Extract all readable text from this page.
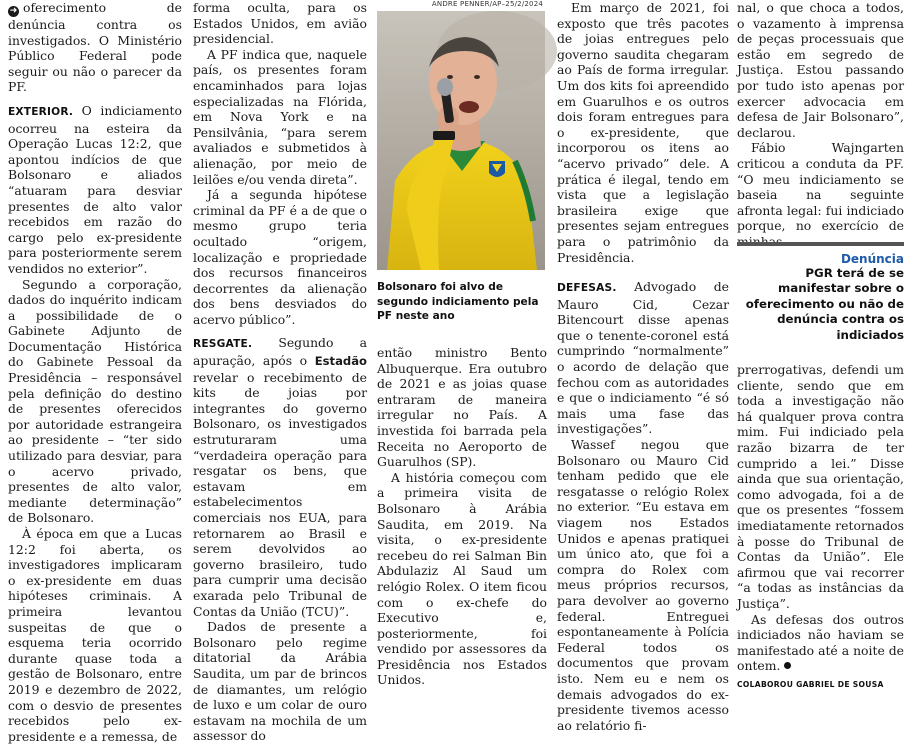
➜ oferecimento de denúncia contra os investigados. O Ministério Público Federal pode seguir ou não o parecer da PF.

EXTERIOR. O indiciamento ocorreu na esteira da Operação Lucas 12:2, que apontou indícios de que Bolsonaro e aliados “atuaram para desviar presentes de alto valor recebidos em razão do cargo pelo ex-presidente para posteriormente serem vendidos no exterior”.

Segundo a corporação, dados do inquérito indicam a possibilidade de o Gabinete Adjunto de Documentação Histórica do Gabinete Pessoal da Presidência – responsável pela definição do destino de presentes oferecidos por autoridade estrangeira ao presidente – “ter sido utilizado para desviar, para o acervo privado, presentes de alto valor, mediante determinação” de Bolsonaro.

À época em que a Lucas 12:2 foi aberta, os investigadores implicaram o ex-presidente em duas hipóteses criminais. A primeira levantou suspeitas de que o esquema teria ocorrido durante quase toda a gestão de Bolsonaro, entre 2019 e dezembro de 2022, com o desvio de presentes recebidos pelo ex-presidente e a remessa, de

forma oculta, para os Estados Unidos, em avião presidencial.

A PF indica que, naquele país, os presentes foram encaminhados para lojas especializadas na Flórida, em Nova York e na Pensilvânia, “para serem avaliados e submetidos à alienação, por meio de leilões e/ou venda direta”.

Já a segunda hipótese criminal da PF é a de que o mesmo grupo teria ocultado “origem, localização e propriedade dos recursos financeiros decorrentes da alienação dos bens desviados do acervo público”.

RESGATE. Segundo a apuração, após o Estadão revelar o recebimento de kits de joias por integrantes do governo Bolsonaro, os investigados estruturaram uma “verdadeira operação para resgatar os bens, que estavam em estabelecimentos comerciais nos EUA, para retornarem ao Brasil e serem devolvidos ao governo brasileiro, tudo para cumprir uma decisão exarada pelo Tribunal de Contas da União (TCU)”.

Dados de presente a Bolsonaro pelo regime ditatorial da Arábia Saudita, um par de brincos de diamantes, um relógio de luxo e um colar de ouro estavam na mochila de um assessor do

ANDRE PENNER/AP–25/2/2024
Bolsonaro foi alvo de segundo indiciamento pela PF neste ano

então ministro Bento Albuquerque. Era outubro de 2021 e as joias quase entraram de maneira irregular no País. A investida foi barrada pela Receita no Aeroporto de Guarulhos (SP).

A história começou com a primeira visita de Bolsonaro à Arábia Saudita, em 2019. Na visita, o ex-presidente recebeu do rei Salman Bin Abdulaziz Al Saud um relógio Rolex. O item ficou com o ex-chefe do Executivo e, posteriormente, foi vendido por assessores da Presidência nos Estados Unidos.

Em março de 2021, foi exposto que três pacotes de joias entregues pelo governo saudita chegaram ao País de forma irregular. Um dos kits foi apreendido em Guarulhos e os outros dois foram entregues para o ex-presidente, que incorporou os itens ao “acervo privado” dele. A prática é ilegal, tendo em vista que a legislação brasileira exige que presentes sejam entregues para o patrimônio da Presidência.

DEFESAS. Advogado de Mauro Cid, Cezar Bitencourt disse apenas que o tenente-coronel está cumprindo “normalmente” o acordo de delação que fechou com as autoridades e que o indiciamento “é só mais uma fase das investigações”.

Wassef negou que Bolsonaro ou Mauro Cid tenham pedido que ele resgatasse o relógio Rolex no exterior. “Eu estava em viagem nos Estados Unidos e apenas pratiquei um único ato, que foi a compra do Rolex com meus próprios recursos, para devolver ao governo federal. Entreguei espontaneamente à Polícia Federal todos os documentos que provam isto. Nem eu e nem os demais advogados do ex-presidente tivemos acesso ao relatório fi-

nal, o que choca a todos, o vazamento à imprensa de peças processuais que estão em segredo de Justiça. Estou passando por tudo isto apenas por exercer advocacia em defesa de Jair Bolsonaro”, declarou.

Fábio Wajngarten criticou a conduta da PF. “O meu indiciamento se baseia na seguinte afronta legal: fui indiciado porque, no exercício de minhas

Denúncia
PGR terá de se manifestar sobre o oferecimento ou não de denúncia contra os indiciados

prerrogativas, defendi um cliente, sendo que em toda a investigação não há qualquer prova contra mim. Fui indiciado pela razão bizarra de ter cumprido a lei.” Disse ainda que sua orientação, como advogada, foi a de que os presentes “fossem imediatamente retornados à posse do Tribunal de Contas da União”. Ele afirmou que vai recorrer “a todas as instâncias da Justiça”.

As defesas dos outros indiciados não haviam se manifestado até a noite de ontem.

COLABOROU GABRIEL DE SOUSA
